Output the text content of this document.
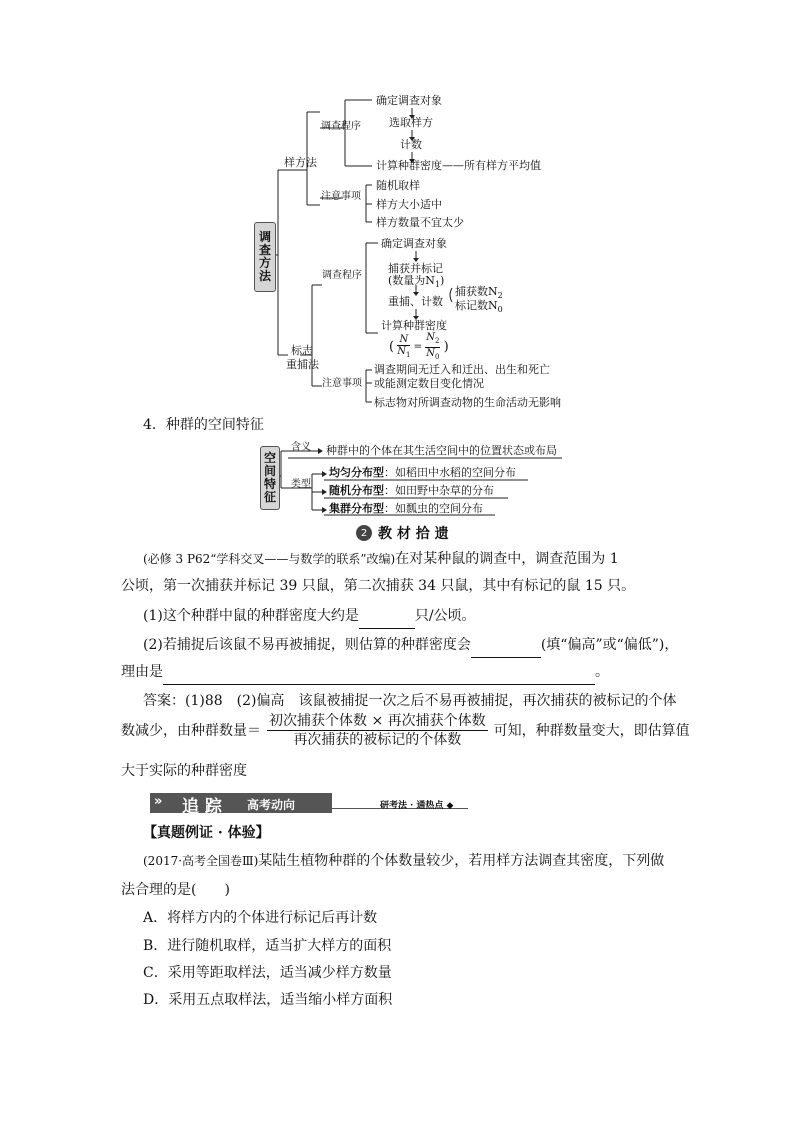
调
查
方
法
样方法
标志
重捕法
调查程序
注意事项
调查程序
注意事项
确定调查对象
选取样方
计数
计算种群密度——所有样方平均值
随机取样
样方大小适中
样方数量不宜太少
确定调查对象
捕获并标记
(数量为$N_1$)
重捕、计数
捕获数$N_2$
标记数$N_0$
计算种群密度
( $\frac{N}{N_1} = \frac{N_2}{N_0}$ )
调查期间无迁入和迁出、出生和死亡
或能测定数目变化情况
标志物对所调查动物的生命活动无影响
4．种群的空间特征
空
间
特
征
含义 种群中的个体在其生活空间中的位置状态或布局
类型
均匀分布型：如稻田中水稻的空间分布
随机分布型：如田野中杂草的分布
集群分布型：如瓢虫的空间分布
2 教 材 拾 遗
(必修 3 P62“学科交叉——与数学的联系”改编)在对某种鼠的调查中，调查范围为 1
公顷，第一次捕获并标记 39 只鼠，第二次捕获 34 只鼠，其中有标记的鼠 15 只。
(1)这个种群中鼠的种群密度大约是	只/公顷。
(2)若捕捉后该鼠不易再被捕捉，则估算的种群密度会	(填“偏高”或“偏低”)，
理由是	。
答案：(1)88　(2)偏高　该鼠被捕捉一次之后不易再被捕捉，再次捕获的被标记的个体
数减少，由种群数量＝ $\frac{\text{初次捕获个体数 × 再次捕获个体数}}{\text{再次捕获的被标记的个体数}}$ 可知，种群数量变大，即估算值
大于实际的种群密度
» 追 踪 高考动向	研考法 · 通热点 ◆
【真题例证 · 体验】
(2017·高考全国卷Ⅲ)某陆生植物种群的个体数量较少，若用样方法调查其密度，下列做
法合理的是(　　)
A．将样方内的个体进行标记后再计数
B．进行随机取样，适当扩大样方的面积
C．采用等距取样法，适当减少样方数量
D．采用五点取样法，适当缩小样方面积
